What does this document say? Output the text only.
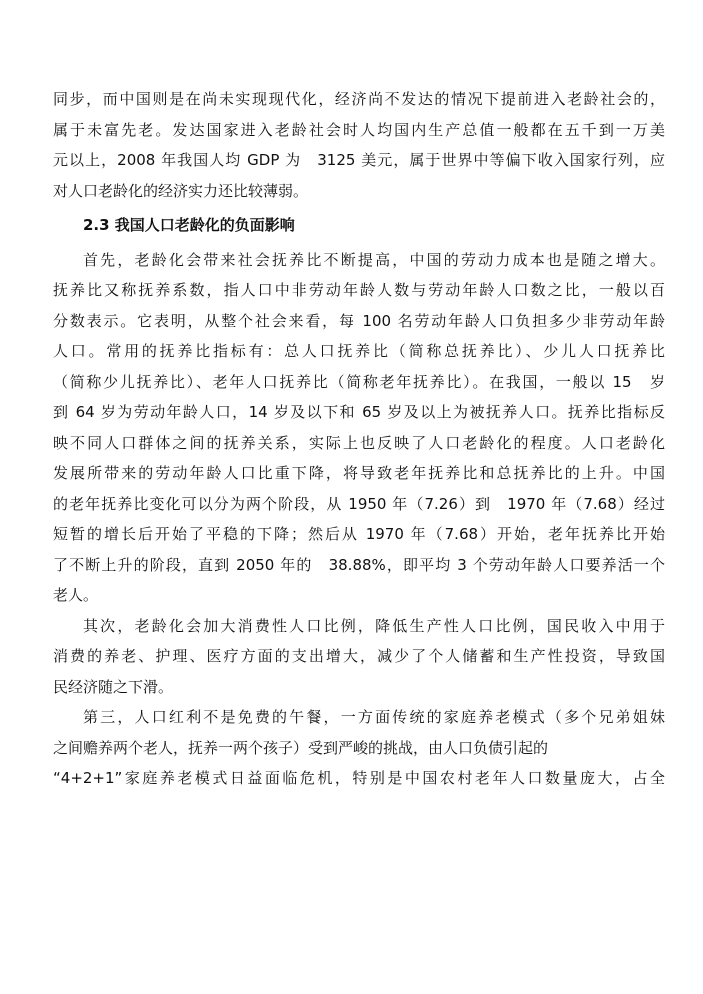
同步，而中国则是在尚未实现现代化，经济尚不发达的情况下提前进入老龄社会的，
属于未富先老。发达国家进入老龄社会时人均国内生产总值一般都在五千到一万美
元以上，2008 年我国人均 GDP 为　3125 美元，属于世界中等偏下收入国家行列，应
对人口老龄化的经济实力还比较薄弱。
2.3 我国人口老龄化的负面影响
首先，老龄化会带来社会抚养比不断提高，中国的劳动力成本也是随之增大。
抚养比又称抚养系数，指人口中非劳动年龄人数与劳动年龄人口数之比，一般以百
分数表示。它表明，从整个社会来看，每 100 名劳动年龄人口负担多少非劳动年龄
人口。常用的抚养比指标有：总人口抚养比（简称总抚养比）、少儿人口抚养比
（简称少儿抚养比）、老年人口抚养比（简称老年抚养比）。在我国，一般以 15　岁
到 64 岁为劳动年龄人口，14 岁及以下和 65 岁及以上为被抚养人口。抚养比指标反
映不同人口群体之间的抚养关系，实际上也反映了人口老龄化的程度。人口老龄化
发展所带来的劳动年龄人口比重下降，将导致老年抚养比和总抚养比的上升。中国
的老年抚养比变化可以分为两个阶段，从 1950 年（7.26）到　1970 年（7.68）经过
短暂的增长后开始了平稳的下降；然后从 1970 年（7.68）开始，老年抚养比开始
了不断上升的阶段，直到 2050 年的　38.88%，即平均 3 个劳动年龄人口要养活一个
老人。
其次，老龄化会加大消费性人口比例，降低生产性人口比例，国民收入中用于
消费的养老、护理、医疗方面的支出增大，减少了个人储蓄和生产性投资，导致国
民经济随之下滑。
第三，人口红利不是免费的午餐，一方面传统的家庭养老模式（多个兄弟姐妹
之间赡养两个老人，抚养一两个孩子）受到严峻的挑战，由人口负债引起的
“4+2+1”家庭养老模式日益面临危机，特别是中国农村老年人口数量庞大，占全
